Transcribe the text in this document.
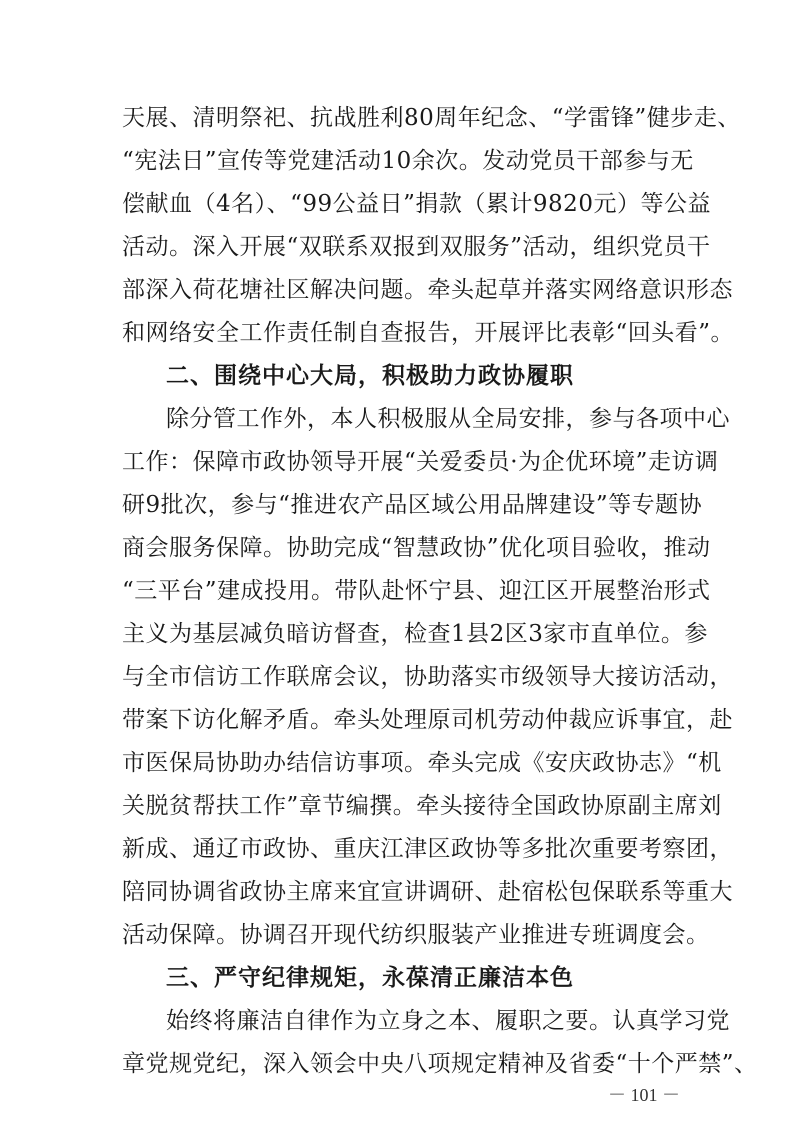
天展、清明祭祀、抗战胜利80周年纪念、“学雷锋”健步走、
“宪法日”宣传等党建活动10余次。发动党员干部参与无
偿献血（4名）、“99公益日”捐款（累计9820元）等公益
活动。深入开展“双联系双报到双服务”活动，组织党员干
部深入荷花塘社区解决问题。牵头起草并落实网络意识形态
和网络安全工作责任制自查报告，开展评比表彰“回头看”。
二、围绕中心大局，积极助力政协履职
除分管工作外，本人积极服从全局安排，参与各项中心
工作：保障市政协领导开展“关爱委员·为企优环境”走访调
研9批次，参与“推进农产品区域公用品牌建设”等专题协
商会服务保障。协助完成“智慧政协”优化项目验收，推动
“三平台”建成投用。带队赴怀宁县、迎江区开展整治形式
主义为基层减负暗访督查，检查1县2区3家市直单位。参
与全市信访工作联席会议，协助落实市级领导大接访活动，
带案下访化解矛盾。牵头处理原司机劳动仲裁应诉事宜，赴
市医保局协助办结信访事项。牵头完成《安庆政协志》“机
关脱贫帮扶工作”章节编撰。牵头接待全国政协原副主席刘
新成、通辽市政协、重庆江津区政协等多批次重要考察团，
陪同协调省政协主席来宜宣讲调研、赴宿松包保联系等重大
活动保障。协调召开现代纺织服装产业推进专班调度会。
三、严守纪律规矩，永葆清正廉洁本色
始终将廉洁自律作为立身之本、履职之要。认真学习党
章党规党纪，深入领会中央八项规定精神及省委“十个严禁”、
－ 101 －
